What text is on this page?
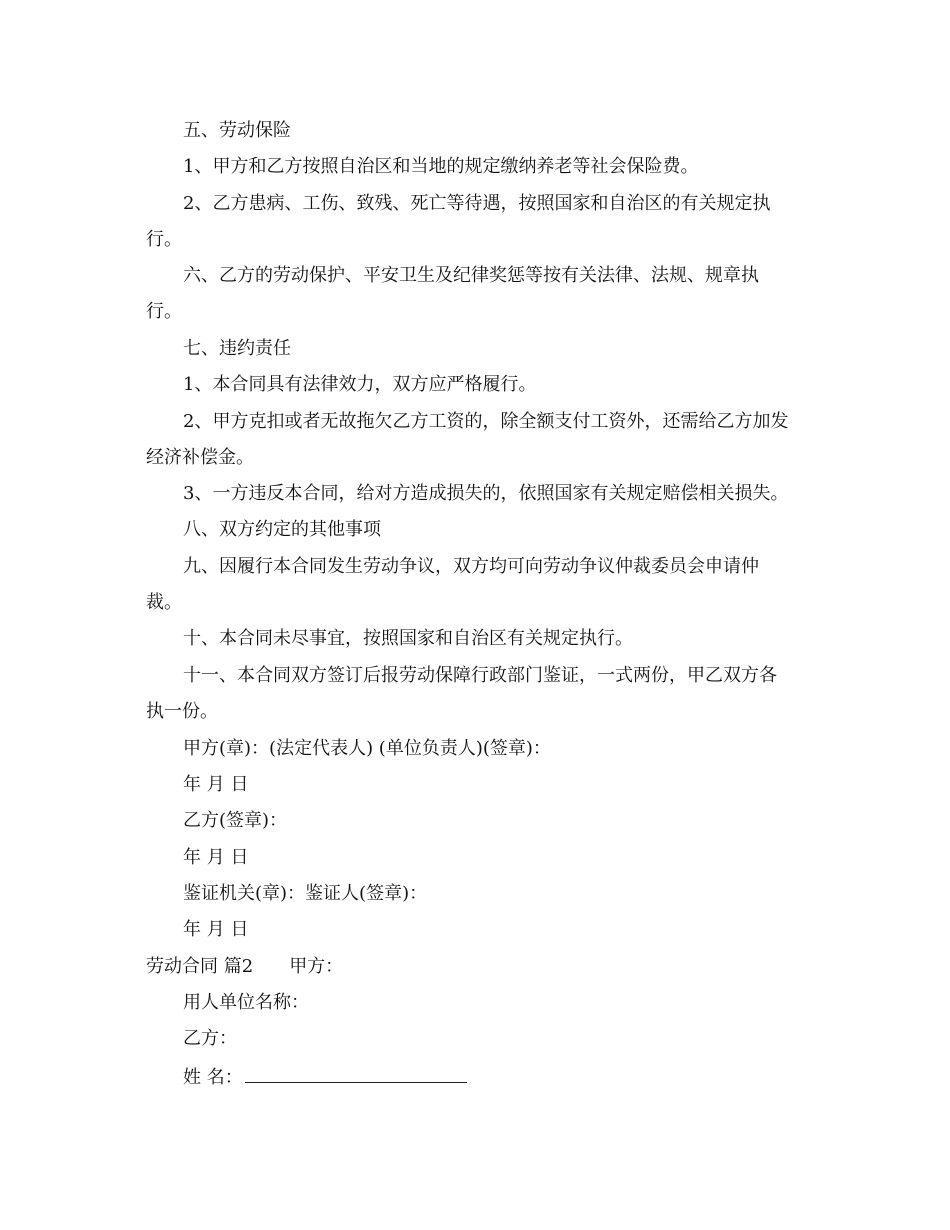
五、劳动保险
1、甲方和乙方按照自治区和当地的规定缴纳养老等社会保险费。
2、乙方患病、工伤、致残、死亡等待遇，按照国家和自治区的有关规定执
行。
六、乙方的劳动保护、平安卫生及纪律奖惩等按有关法律、法规、规章执
行。
七、违约责任
1、本合同具有法律效力，双方应严格履行。
2、甲方克扣或者无故拖欠乙方工资的，除全额支付工资外，还需给乙方加发
经济补偿金。
3、一方违反本合同，给对方造成损失的，依照国家有关规定赔偿相关损失。
八、双方约定的其他事项
九、因履行本合同发生劳动争议，双方均可向劳动争议仲裁委员会申请仲
裁。
十、本合同未尽事宜，按照国家和自治区有关规定执行。
十一、本合同双方签订后报劳动保障行政部门鉴证，一式两份，甲乙双方各
执一份。
甲方(章)：(法定代表人) (单位负责人)(签章)：
年 月 日
乙方(签章)：
年 月 日
鉴证机关(章)：鉴证人(签章)：
年 月 日
劳动合同 篇2 甲方：
用人单位名称：
乙方：
姓 名：
